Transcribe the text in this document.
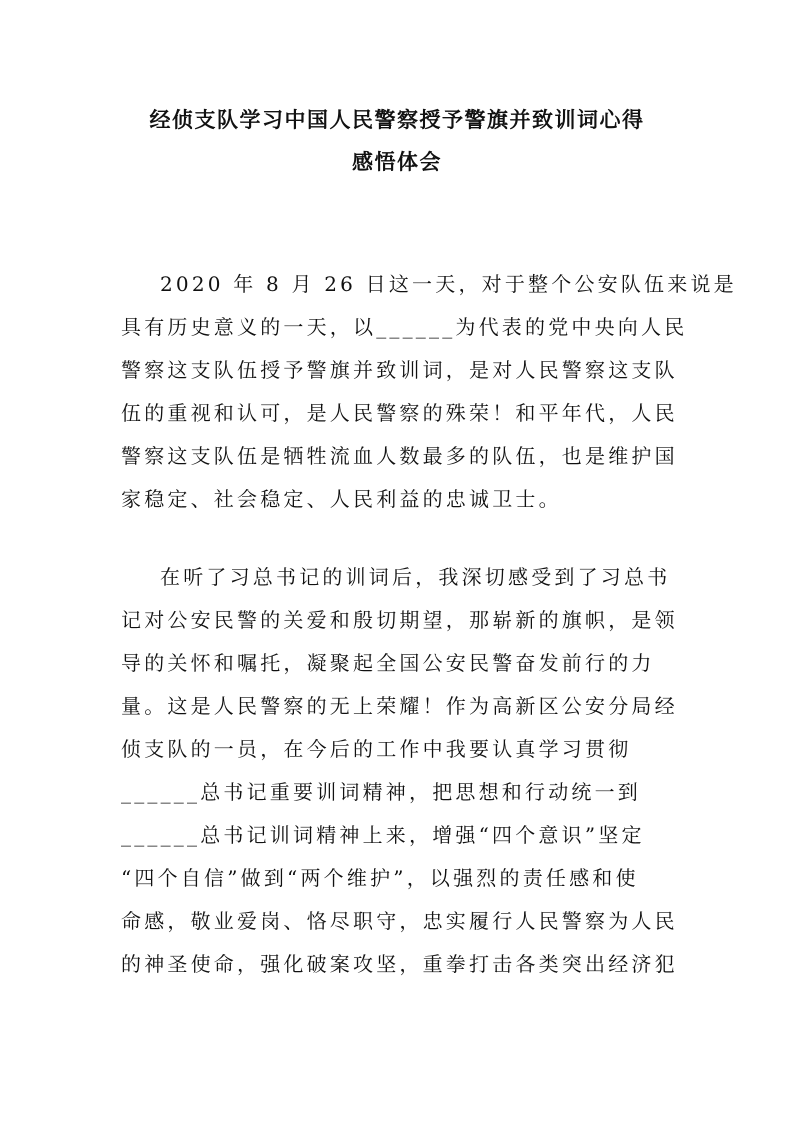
经侦支队学习中国人民警察授予警旗并致训词心得
感悟体会
2020 年 8 月 26 日这一天，对于整个公安队伍来说是
具有历史意义的一天，以______为代表的党中央向人民
警察这支队伍授予警旗并致训词，是对人民警察这支队
伍的重视和认可，是人民警察的殊荣！和平年代，人民
警察这支队伍是牺牲流血人数最多的队伍，也是维护国
家稳定、社会稳定、人民利益的忠诚卫士。
在听了习总书记的训词后，我深切感受到了习总书
记对公安民警的关爱和殷切期望，那崭新的旗帜，是领
导的关怀和嘱托，凝聚起全国公安民警奋发前行的力
量。这是人民警察的无上荣耀！作为高新区公安分局经
侦支队的一员，在今后的工作中我要认真学习贯彻
______总书记重要训词精神，把思想和行动统一到
______总书记训词精神上来，增强“四个意识”坚定
“四个自信”做到“两个维护”，以强烈的责任感和使
命感，敬业爱岗、恪尽职守，忠实履行人民警察为人民
的神圣使命，强化破案攻坚，重拳打击各类突出经济犯
